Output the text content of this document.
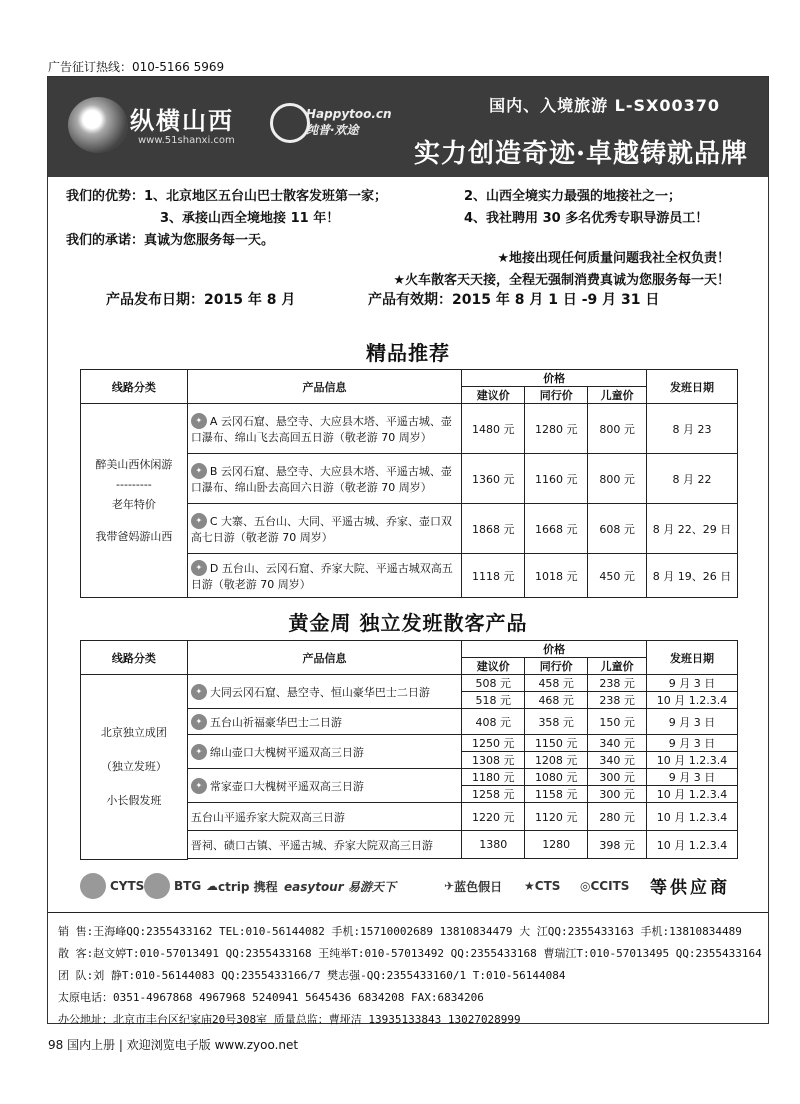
广告征订热线：010-5166 5969
纵横山西
www.51shanxi.com
Happytoo.cn 纯普·欢途
国内、入境旅游 L-SX00370
实力创造奇迹·卓越铸就品牌
我们的优势：1、北京地区五台山巴士散客发班第一家；	2、山西全境实力最强的地接社之一；
3、承接山西全境地接 11 年！	4、我社聘用 30 多名优秀专职导游员工！
我们的承诺：真诚为您服务每一天。
★地接出现任何质量问题我社全权负责！
★火车散客天天接，全程无强制消费真诚为您服务每一天！
产品发布日期：2015 年 8 月	产品有效期：2015 年 8 月 1 日 -9 月 31 日
精品推荐
线路分类	产品信息	价格			发班日期
		建议价	同行价	儿童价	

醉美山西休闲游
---------
老年特价
我带爸妈游山西	✦ A 云冈石窟、悬空寺、大应县木塔、平遥古城、壶口瀑布、绵山飞去高回五日游（敬老游 70 周岁）	1480 元	1280 元	800 元	8 月 23
	✦ B 云冈石窟、悬空寺、大应县木塔、平遥古城、壶口瀑布、绵山卧去高回六日游（敬老游 70 周岁）	1360 元	1160 元	800 元	8 月 22
	✦ C 大寨、五台山、大同、平遥古城、乔家、壶口双高七日游（敬老游 70 周岁）	1868 元	1668 元	608 元	8 月 22、29 日
	✦ D 五台山、云冈石窟、乔家大院、平遥古城双高五日游（敬老游 70 周岁）	1118 元	1018 元	450 元	8 月 19、26 日
黄金周 独立发班散客产品
线路分类	产品信息	价格			发班日期
		建议价	同行价	儿童价	

北京独立成团
（独立发班）
小长假发班	✦ 大同云冈石窟、悬空寺、恒山豪华巴士二日游	508 元	458 元	238 元	9 月 3 日
		518 元	468 元	238 元	10 月 1.2.3.4
	✦ 五台山祈福豪华巴士二日游	408 元	358 元	150 元	9 月 3 日
	✦ 绵山壶口大槐树平遥双高三日游	1250 元	1150 元	340 元	9 月 3 日
		1308 元	1208 元	340 元	10 月 1.2.3.4
	✦ 常家壶口大槐树平遥双高三日游	1180 元	1080 元	300 元	9 月 3 日
		1258 元	1158 元	300 元	10 月 1.2.3.4
	五台山平遥乔家大院双高三日游	1220 元	1120 元	280 元	10 月 1.2.3.4
	晋祠、碛口古镇、平遥古城、乔家大院双高三日游	1380	1280	398 元	10 月 1.2.3.4

CYTS BTG ☁ ctrip 携程 easytour 易游天下	✈ 蓝色假日 ★ CTS ◎ CCITS 等供应商
销 售:王海峰QQ:2355433162 TEL:010-56144082 手机:15710002689 13810834479 大 江QQ:2355433163 手机:13810834489
散 客:赵文婷T:010-57013491 QQ:2355433168 王纯举T:010-57013492 QQ:2355433168 曹瑞江T:010-57013495 QQ:2355433164
团 队:刘 静T:010-56144083 QQ:2355433166/7 樊志强-QQ:2355433160/1 T:010-56144084
太原电话：0351-4967868 4967968 5240941 5645436 6834208 FAX:6834206
办公地址：北京市丰台区纪家庙20号308室 质量总监：曹垭洁 13935133843 13027028999
98 国内上册 | 欢迎浏览电子版 www.zyoo.net
